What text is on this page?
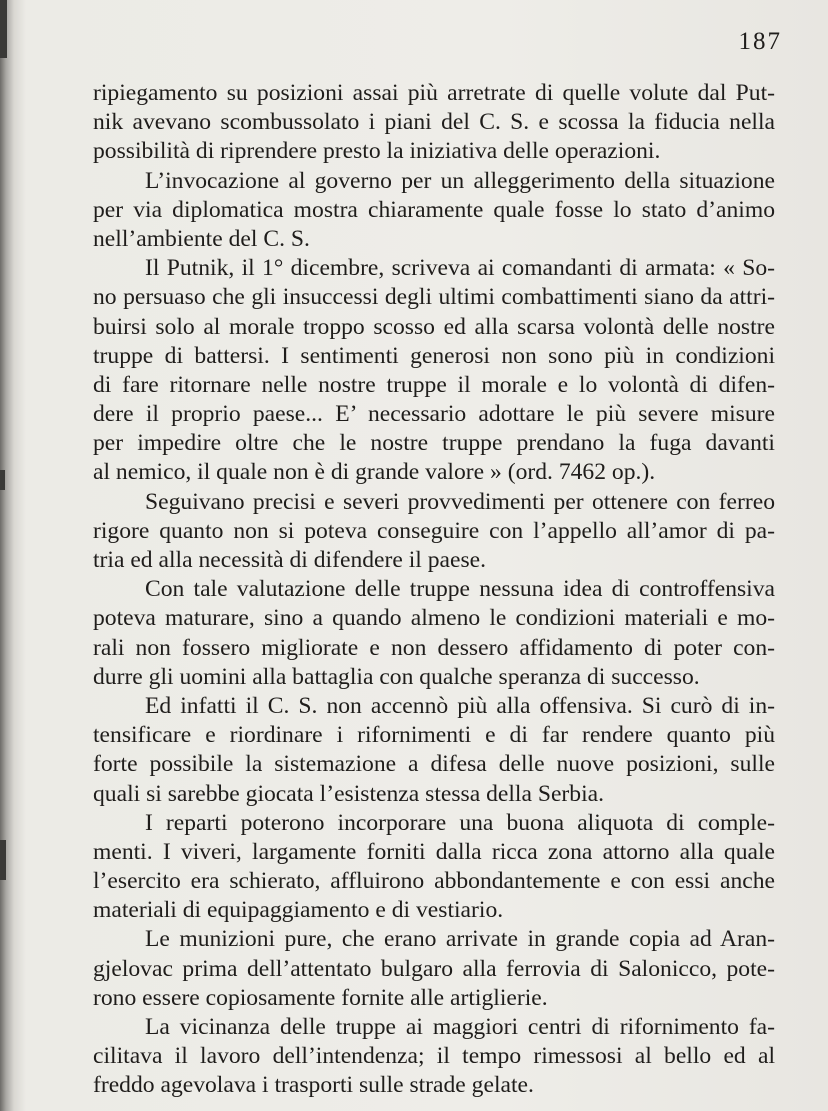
187
ripiegamento su posizioni assai più arretrate di quelle volute dal Put-
nik avevano scombussolato i piani del C. S. e scossa la fiducia nella
possibilità di riprendere presto la iniziativa delle operazioni.
L’invocazione al governo per un alleggerimento della situazione
per via diplomatica mostra chiaramente quale fosse lo stato d’animo
nell’ambiente del C. S.
Il Putnik, il 1° dicembre, scriveva ai comandanti di armata: « So-
no persuaso che gli insuccessi degli ultimi combattimenti siano da attri-
buirsi solo al morale troppo scosso ed alla scarsa volontà delle nostre
truppe di battersi. I sentimenti generosi non sono più in condizioni
di fare ritornare nelle nostre truppe il morale e lo volontà di difen-
dere il proprio paese... E’ necessario adottare le più severe misure
per impedire oltre che le nostre truppe prendano la fuga davanti
al nemico, il quale non è di grande valore » (ord. 7462 op.).
Seguivano precisi e severi provvedimenti per ottenere con ferreo
rigore quanto non si poteva conseguire con l’appello all’amor di pa-
tria ed alla necessità di difendere il paese.
Con tale valutazione delle truppe nessuna idea di controffensiva
poteva maturare, sino a quando almeno le condizioni materiali e mo-
rali non fossero migliorate e non dessero affidamento di poter con-
durre gli uomini alla battaglia con qualche speranza di successo.
Ed infatti il C. S. non accennò più alla offensiva. Si curò di in-
tensificare e riordinare i rifornimenti e di far rendere quanto più
forte possibile la sistemazione a difesa delle nuove posizioni, sulle
quali si sarebbe giocata l’esistenza stessa della Serbia.
I reparti poterono incorporare una buona aliquota di comple-
menti. I viveri, largamente forniti dalla ricca zona attorno alla quale
l’esercito era schierato, affluirono abbondantemente e con essi anche
materiali di equipaggiamento e di vestiario.
Le munizioni pure, che erano arrivate in grande copia ad Aran-
gjelovac prima dell’attentato bulgaro alla ferrovia di Salonicco, pote-
rono essere copiosamente fornite alle artiglierie.
La vicinanza delle truppe ai maggiori centri di rifornimento fa-
cilitava il lavoro dell’intendenza; il tempo rimessosi al bello ed al
freddo agevolava i trasporti sulle strade gelate.
